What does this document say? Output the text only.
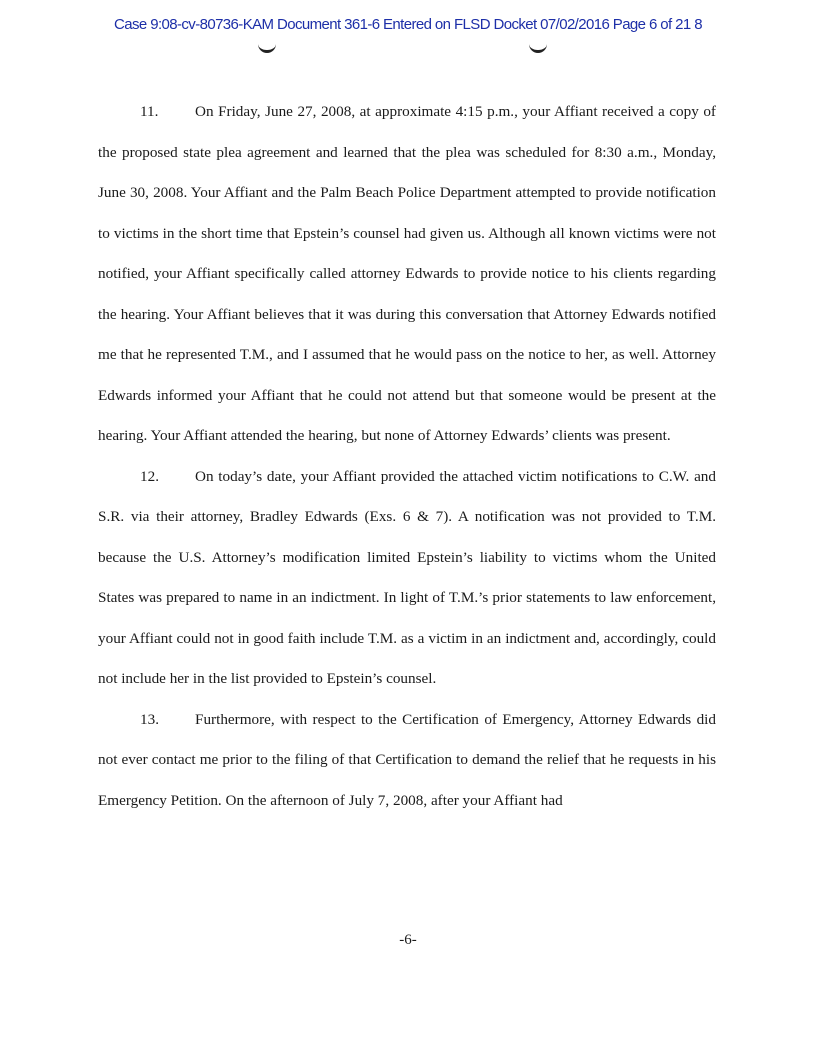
Case 9:08-cv-80736-KAM Document 361-6 Entered on FLSD Docket 07/02/2016 Page 6 of 21 8

11. On Friday, June 27, 2008, at approximate 4:15 p.m., your Affiant received a copy of the proposed state plea agreement and learned that the plea was scheduled for 8:30 a.m., Monday, June 30, 2008. Your Affiant and the Palm Beach Police Department attempted to provide notification to victims in the short time that Epstein’s counsel had given us. Although all known victims were not notified, your Affiant specifically called attorney Edwards to provide notice to his clients regarding the hearing. Your Affiant believes that it was during this conversation that Attorney Edwards notified me that he represented T.M., and I assumed that he would pass on the notice to her, as well. Attorney Edwards informed your Affiant that he could not attend but that someone would be present at the hearing. Your Affiant attended the hearing, but none of Attorney Edwards’ clients was present.

12. On today’s date, your Affiant provided the attached victim notifications to C.W. and S.R. via their attorney, Bradley Edwards (Exs. 6 & 7). A notification was not provided to T.M. because the U.S. Attorney’s modification limited Epstein’s liability to victims whom the United States was prepared to name in an indictment. In light of T.M.’s prior statements to law enforcement, your Affiant could not in good faith include T.M. as a victim in an indictment and, accordingly, could not include her in the list provided to Epstein’s counsel.

13. Furthermore, with respect to the Certification of Emergency, Attorney Edwards did not ever contact me prior to the filing of that Certification to demand the relief that he requests in his Emergency Petition. On the afternoon of July 7, 2008, after your Affiant had

-6-
